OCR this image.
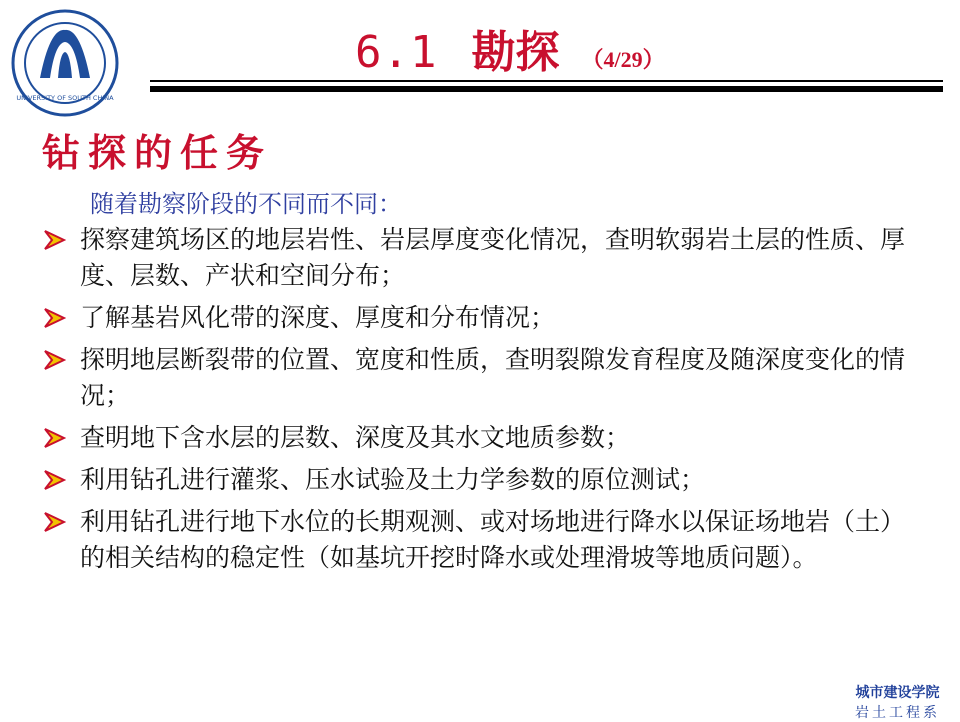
UNIVERSITY OF SOUTH CHINA
6.1 勘探 （4/29）
钻探的任务
随着勘察阶段的不同而不同：
探察建筑场区的地层岩性、岩层厚度变化情况，查明软弱岩土层的性质、厚度、层数、产状和空间分布；
了解基岩风化带的深度、厚度和分布情况；
探明地层断裂带的位置、宽度和性质，查明裂隙发育程度及随深度变化的情况；
查明地下含水层的层数、深度及其水文地质参数；
利用钻孔进行灌浆、压水试验及土力学参数的原位测试；
利用钻孔进行地下水位的长期观测、或对场地进行降水以保证场地岩（土）的相关结构的稳定性（如基坑开挖时降水或处理滑坡等地质问题）。
城市建设学院
岩土工程系
